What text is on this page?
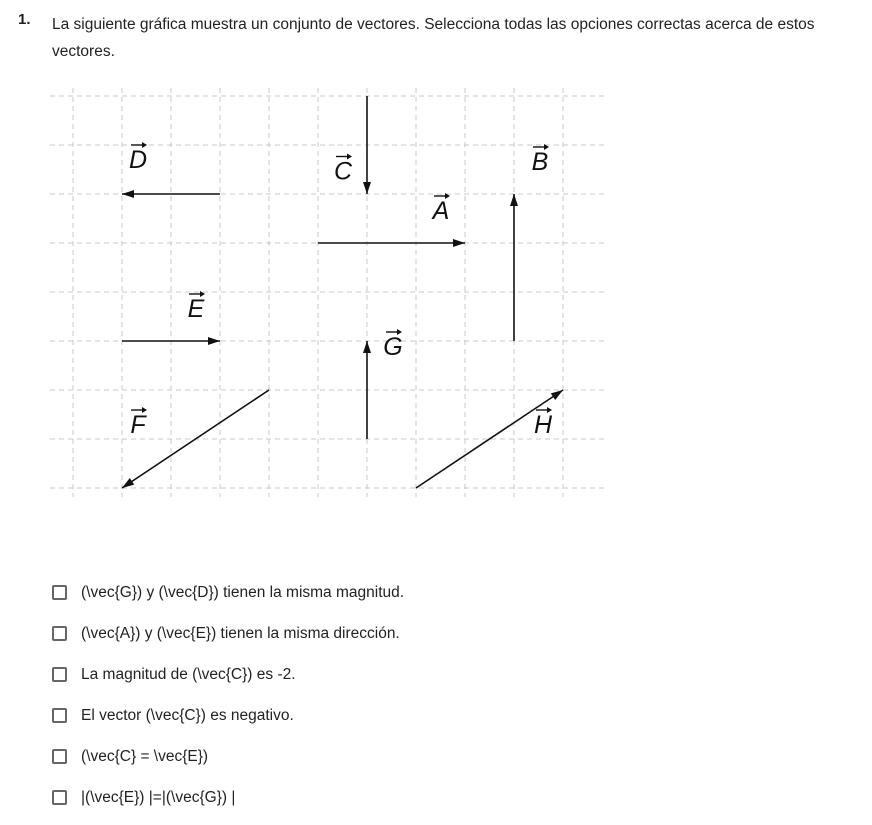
1. La siguiente gráfica muestra un conjunto de vectores. Selecciona todas las opciones correctas acerca de estos vectores.
D	C
A
B
E
G
F	H
(\vec{G}) y (\vec{D}) tienen la misma magnitud.
(\vec{A}) y (\vec{E}) tienen la misma dirección.
La magnitud de (\vec{C}) es -2.
El vector (\vec{C}) es negativo.
(\vec{C} = \vec{E})
|(\vec{E}) |=|(\vec{G}) |
